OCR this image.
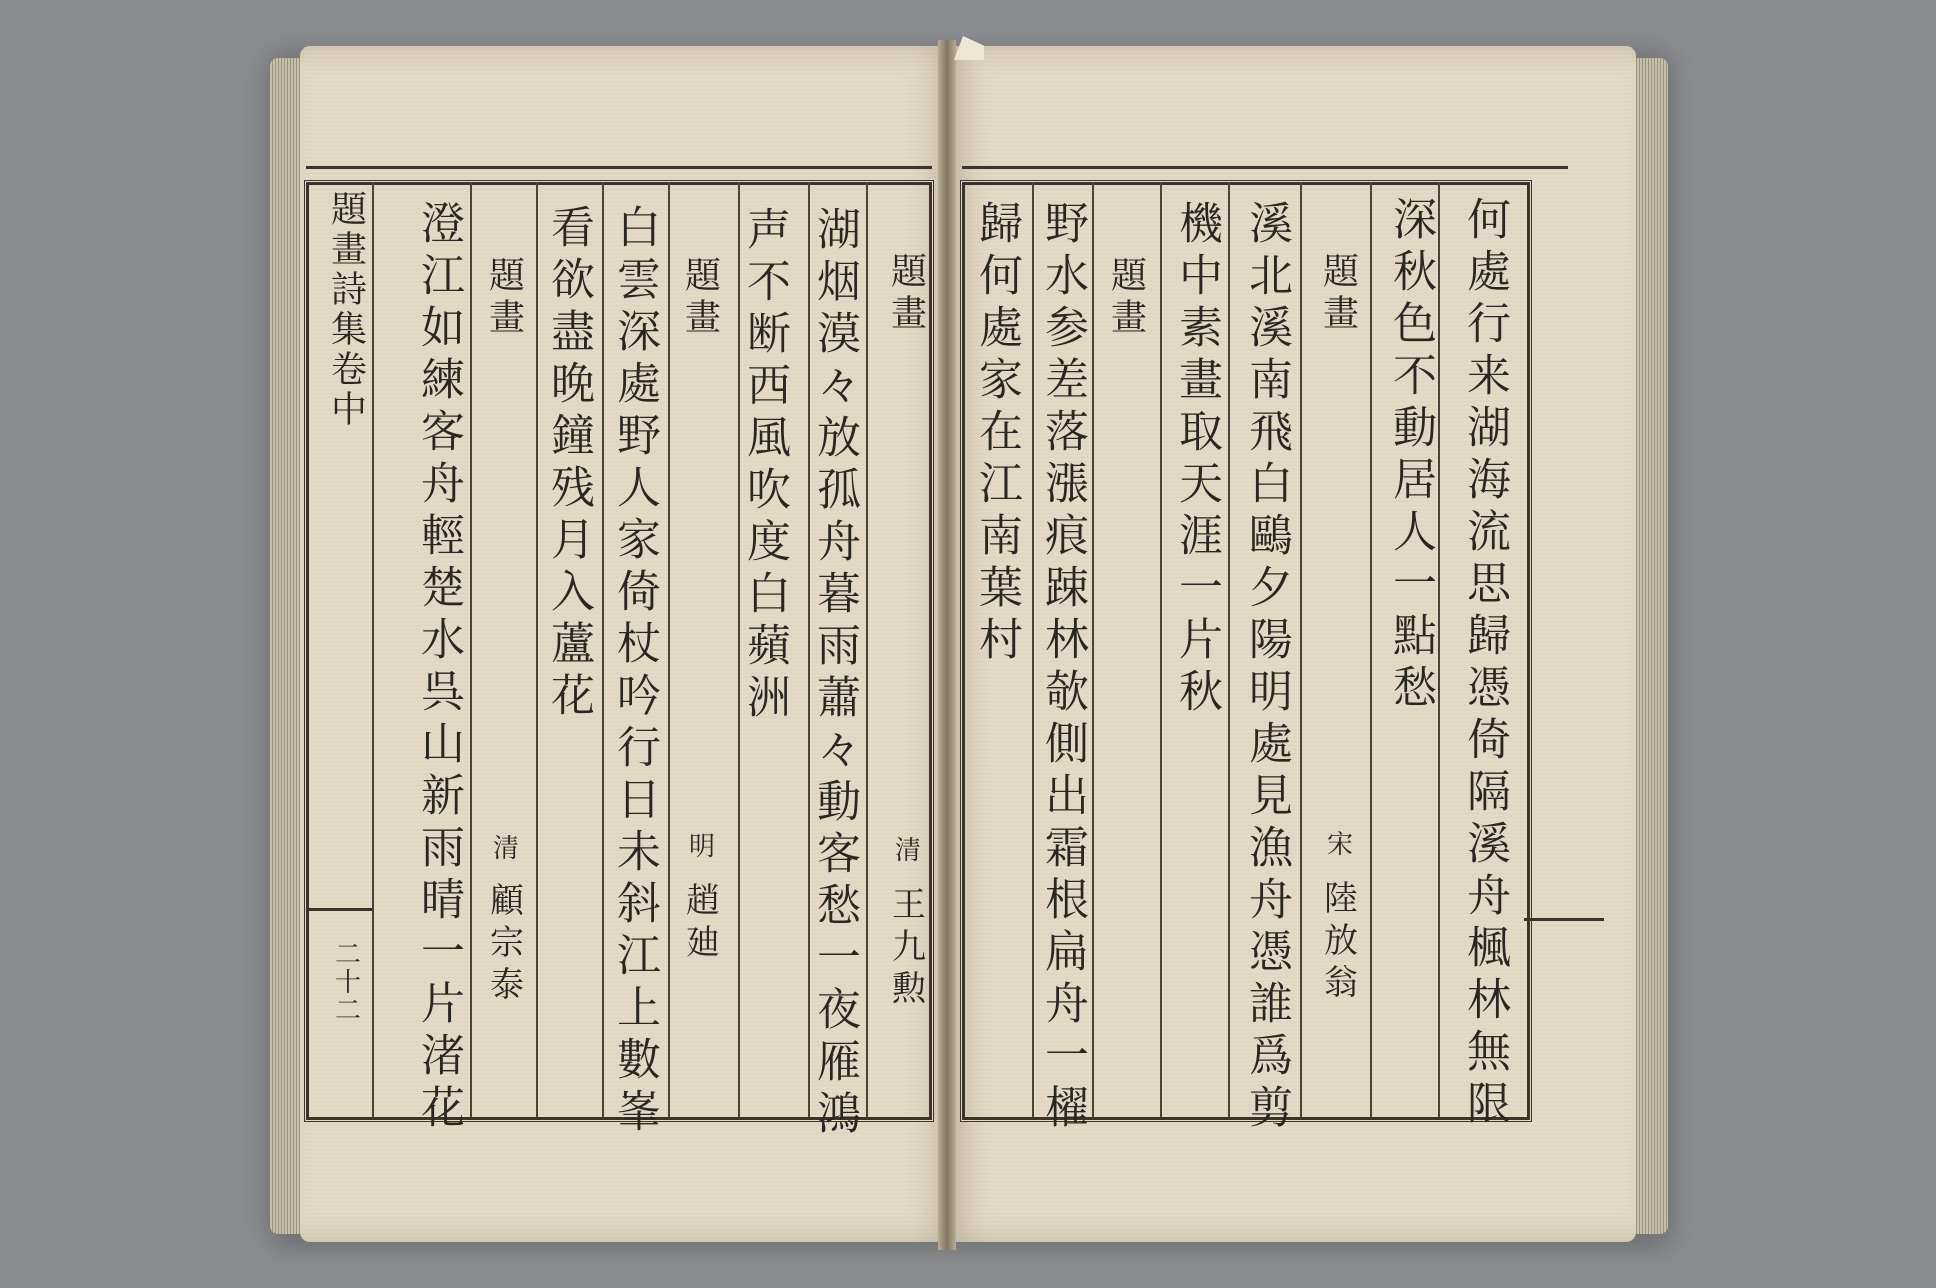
題畫詩集卷中
二十二
題畫
清
王九勲
湖烟漠々放孤舟暮雨蕭々動客愁一夜雁鴻
声不断西風吹度白蘋洲
題畫
明
趙廸
白雲深處野人家倚杖吟行日未斜江上數峯
看欲盡晚鐘残月入蘆花
題畫
清
顧宗泰
澄江如練客舟輕楚水呉山新雨晴一片渚花	何處行来湖海流思歸憑倚隔溪舟楓林無限
深秋色不動居人一點愁
題畫
宋
陸放翁
溪北溪南飛白鷗夕陽明處見漁舟憑誰爲剪
機中素畫取天涯一片秋
題畫
野水参差落漲痕踈林欹側出霜根扁舟一櫂
歸何處家在江南葉村
